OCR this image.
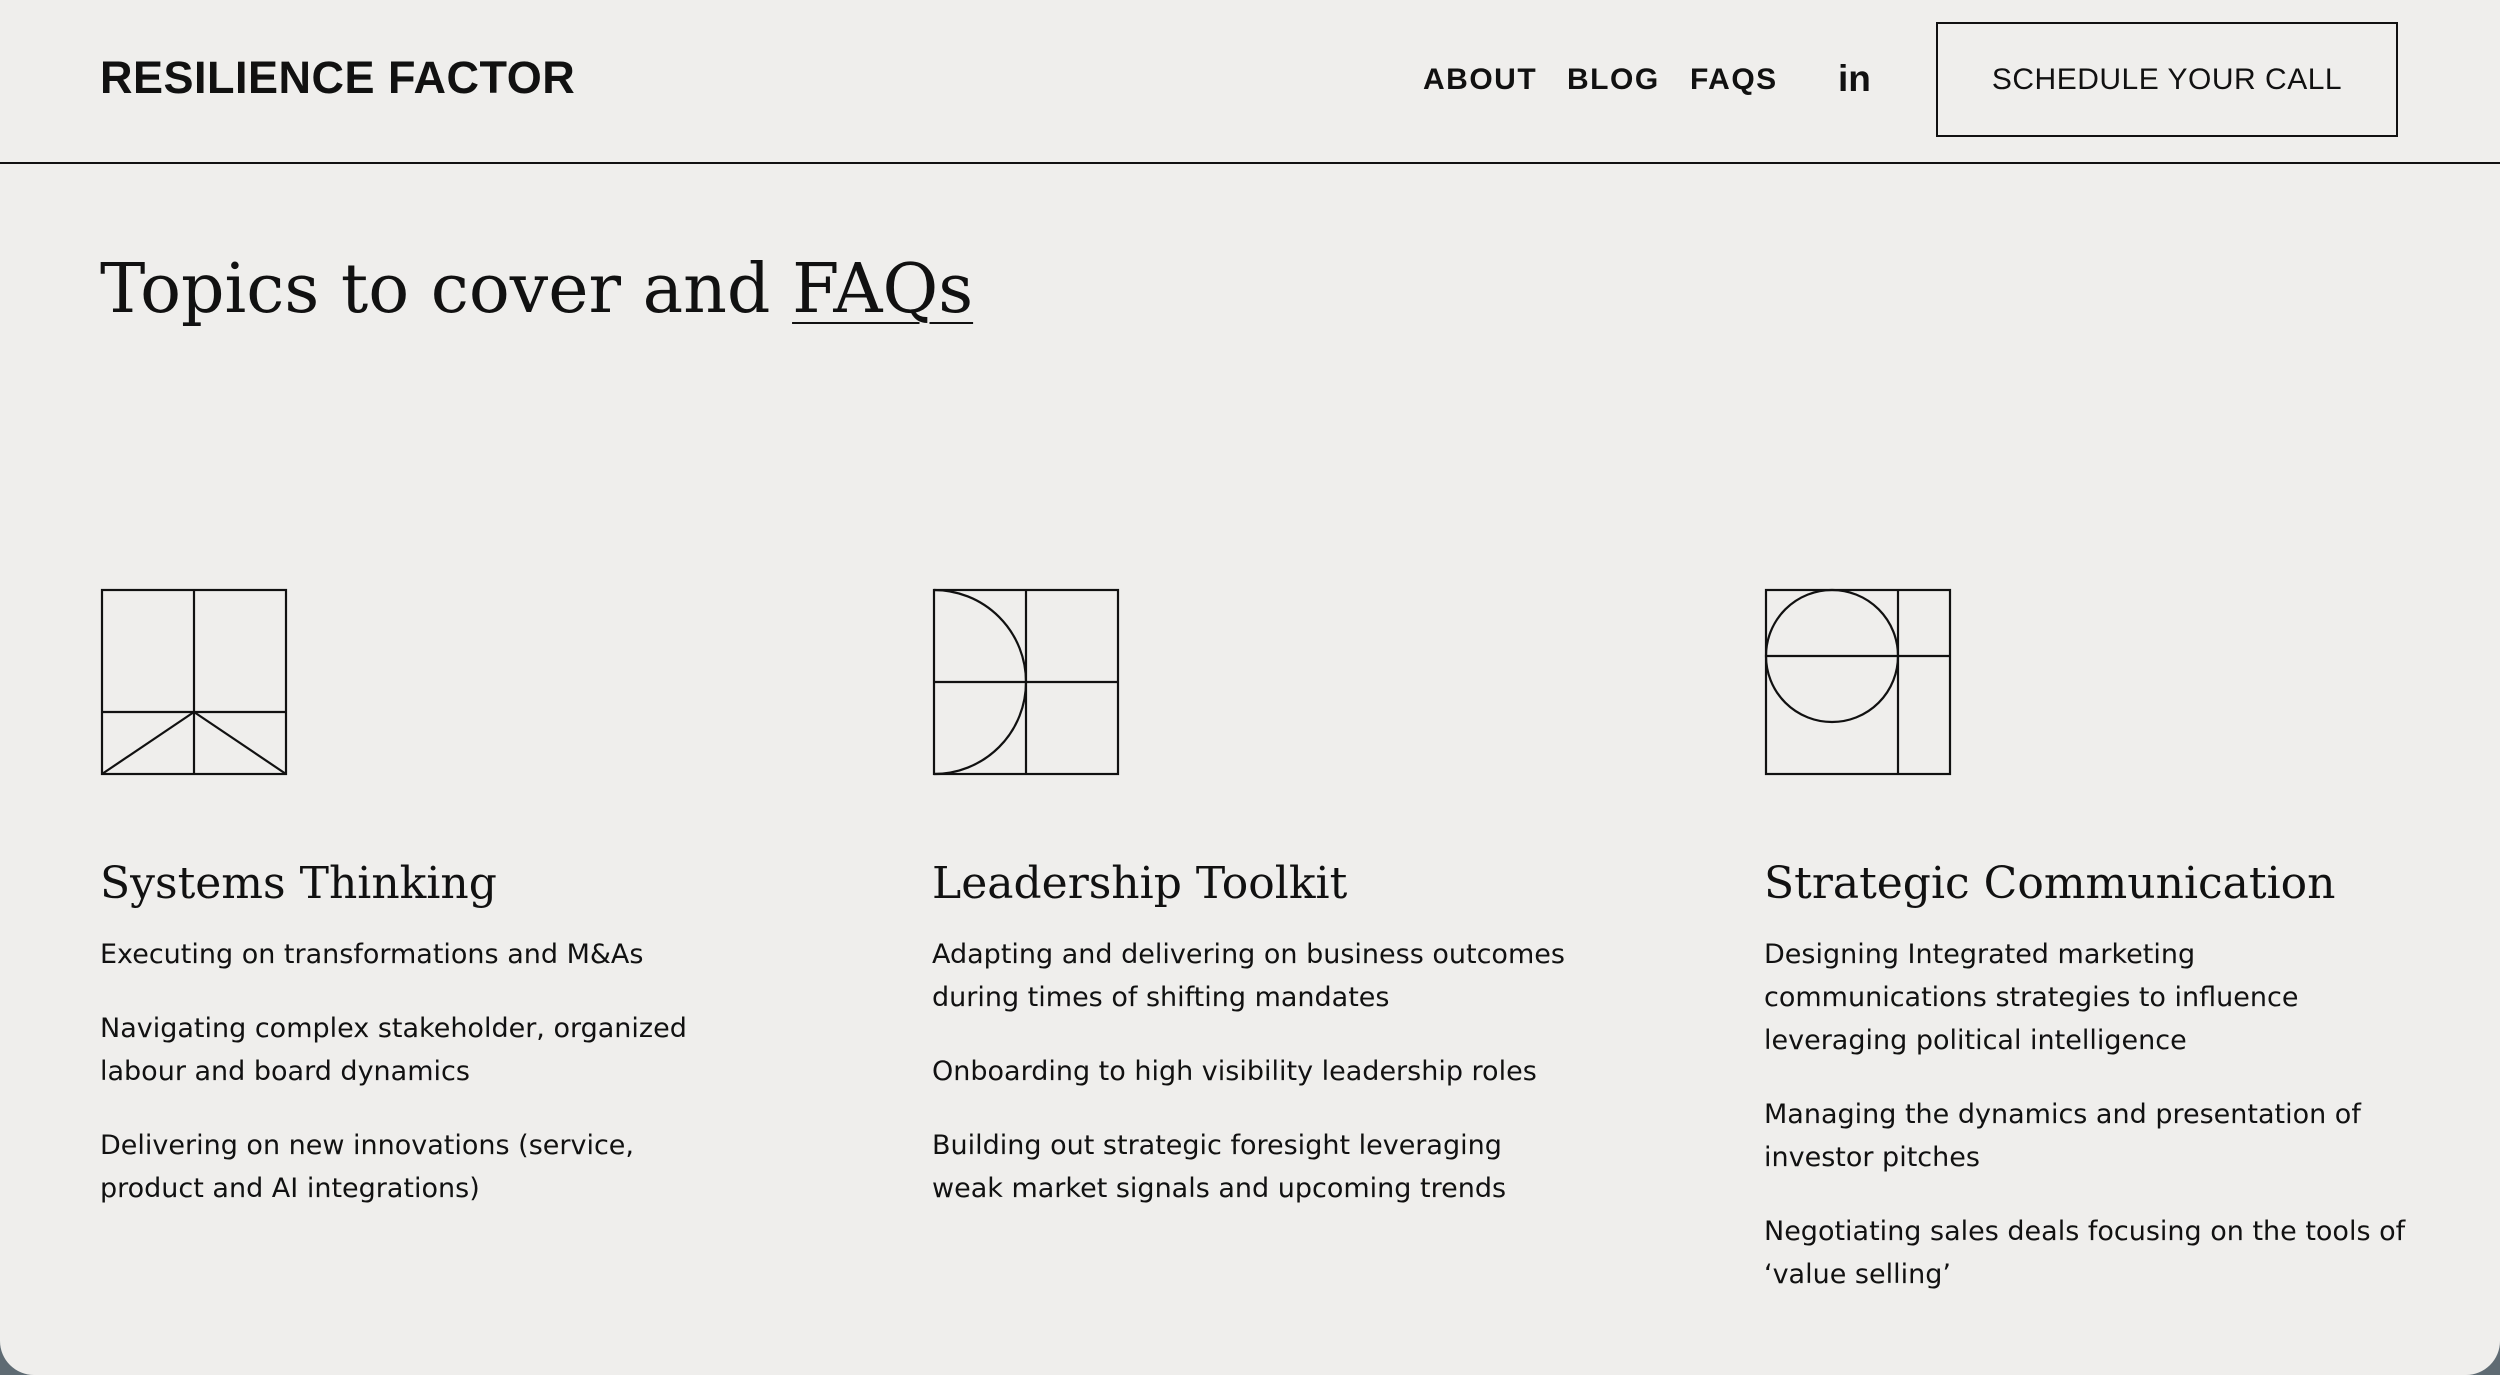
RESILIENCE FACTOR	ABOUT BLOG FAQS in	SCHEDULE YOUR CALL
Topics to cover and FAQs
Systems Thinking
Executing on transformations and M&As
Navigating complex stakeholder, organized labour and board dynamics
Delivering on new innovations (service, product and AI integrations)
Leadership Toolkit
Adapting and delivering on business outcomes during times of shifting mandates
Onboarding to high visibility leadership roles
Building out strategic foresight leveraging weak market signals and upcoming trends
Strategic Communication
Designing Integrated marketing communications strategies to influence leveraging political intelligence
Managing the dynamics and presentation of investor pitches
Negotiating sales deals focusing on the tools of ‘value selling’
